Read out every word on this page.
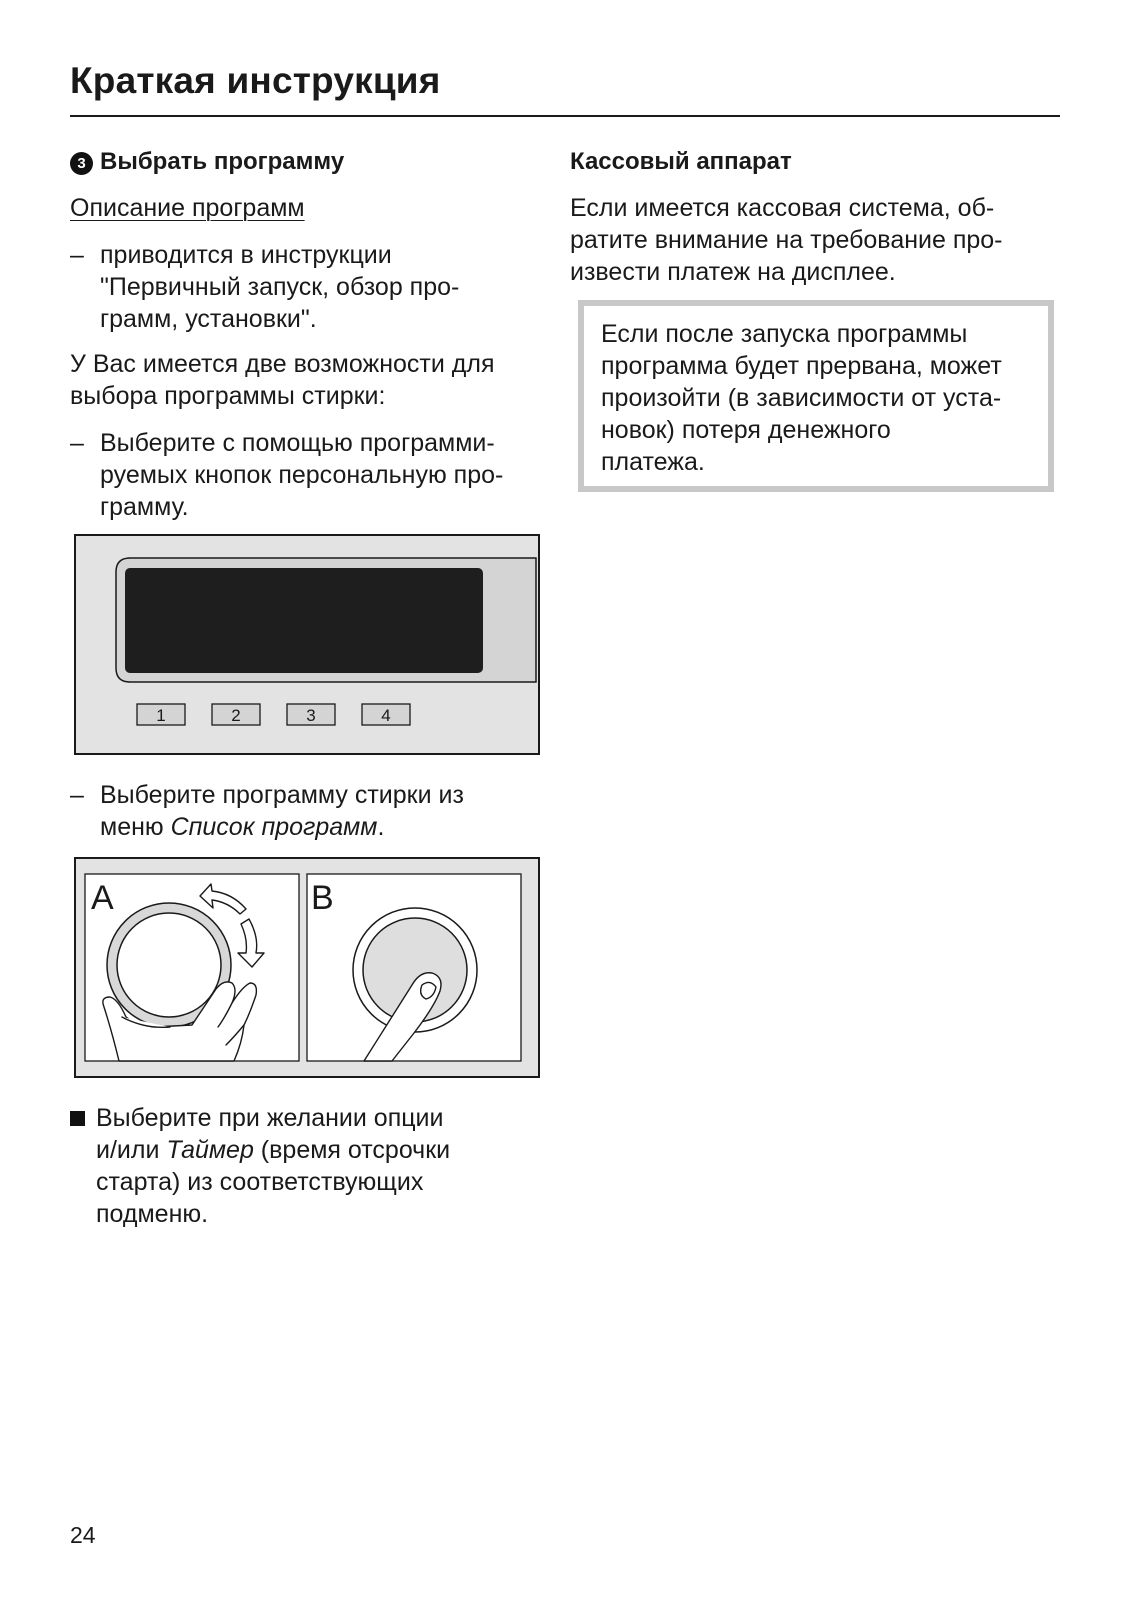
Краткая инструкция
3 Выбрать программу
Описание программ
– приводится в инструкции
"Первичный запуск, обзор про-
грамм, установки".
У Вас имеется две возможности для
выбора программы стирки:
– Выберите с помощью программи-
руемых кнопок персональную про-
грамму.
1	2	3	4
– Выберите программу стирки из
меню Список программ.
A	B
Выберите при желании опции
и/или Таймер (время отсрочки
старта) из соответствующих
подменю.
Кассовый аппарат
Если имеется кассовая система, об-
ратите внимание на требование про-
извести платеж на дисплее.
Если после запуска программы
программа будет прервана, может
произойти (в зависимости от уста-
новок) потеря денежного
платежа.
24
